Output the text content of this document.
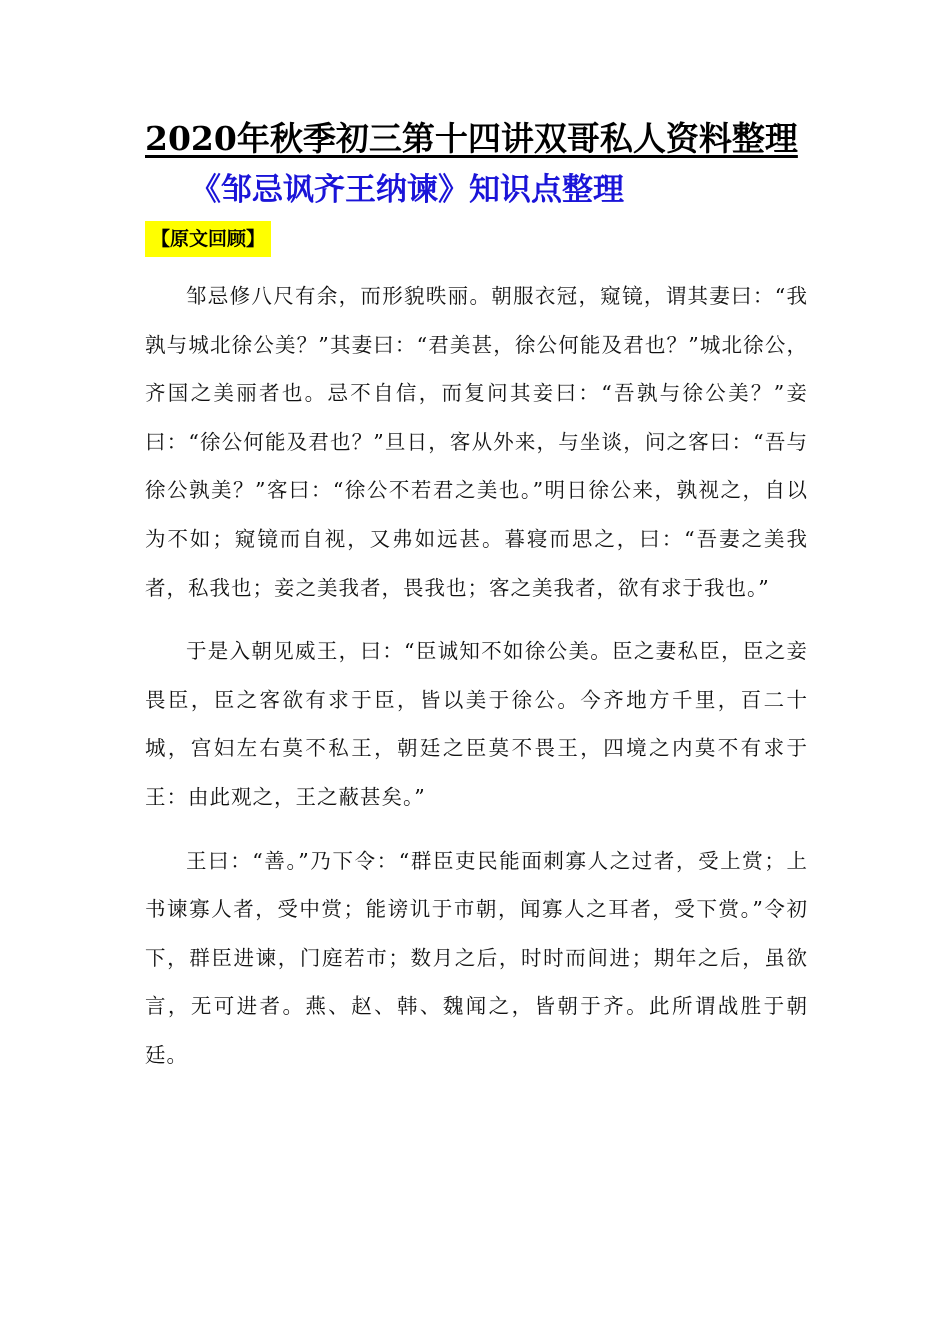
2020年秋季初三第十四讲双哥私人资料整理
《邹忌讽齐王纳谏》知识点整理
【原文回顾】

邹忌修八尺有余，而形貌昳丽。朝服衣冠，窥镜，谓其妻曰：“我孰与城北徐公美？”其妻曰：“君美甚，徐公何能及君也？”城北徐公，齐国之美丽者也。忌不自信，而复问其妾曰：“吾孰与徐公美？”妾曰：“徐公何能及君也？”旦日，客从外来，与坐谈，问之客曰：“吾与徐公孰美？”客曰：“徐公不若君之美也。”明日徐公来，孰视之，自以为不如；窥镜而自视，又弗如远甚。暮寝而思之，曰：“吾妻之美我者，私我也；妾之美我者，畏我也；客之美我者，欲有求于我也。”

于是入朝见威王，曰：“臣诚知不如徐公美。臣之妻私臣，臣之妾畏臣，臣之客欲有求于臣，皆以美于徐公。今齐地方千里，百二十城，宫妇左右莫不私王，朝廷之臣莫不畏王，四境之内莫不有求于王：由此观之，王之蔽甚矣。”

王曰：“善。”乃下令：“群臣吏民能面刺寡人之过者，受上赏；上书谏寡人者，受中赏；能谤讥于市朝，闻寡人之耳者，受下赏。”令初下，群臣进谏，门庭若市；数月之后，时时而间进；期年之后，虽欲言，无可进者。燕、赵、韩、魏闻之，皆朝于齐。此所谓战胜于朝廷。
